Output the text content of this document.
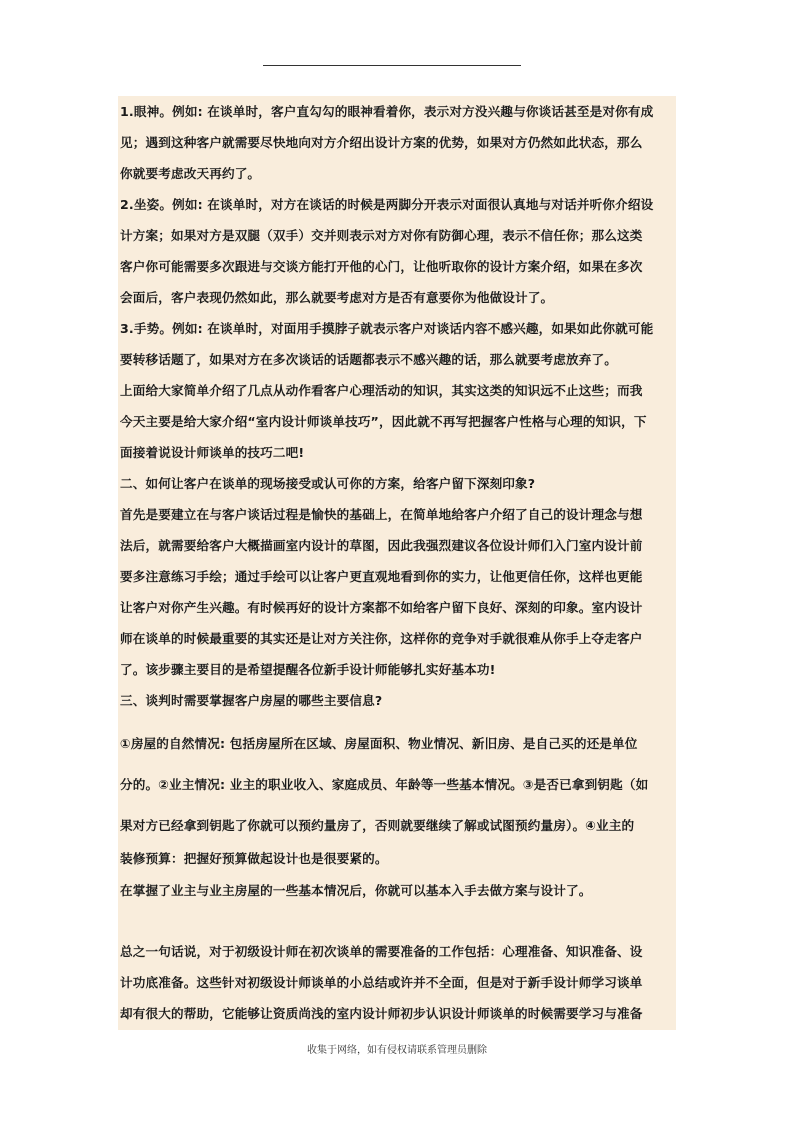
1.眼神。例如: 在谈单时，客户直勾勾的眼神看着你，表示对方没兴趣与你谈话甚至是对你有成
见；遇到这种客户就需要尽快地向对方介绍出设计方案的优势，如果对方仍然如此状态，那么
你就要考虑改天再约了。
2.坐姿。例如: 在谈单时，对方在谈话的时候是两脚分开表示对面很认真地与对话并听你介绍设
计方案；如果对方是双腿（双手）交并则表示对方对你有防御心理，表示不信任你；那么这类
客户你可能需要多次跟进与交谈方能打开他的心门，让他听取你的设计方案介绍，如果在多次
会面后，客户表现仍然如此，那么就要考虑对方是否有意要你为他做设计了。
3.手势。例如: 在谈单时，对面用手摸脖子就表示客户对谈话内容不感兴趣，如果如此你就可能
要转移话题了，如果对方在多次谈话的话题都表示不感兴趣的话，那么就要考虑放弃了。
上面给大家简单介绍了几点从动作看客户心理活动的知识，其实这类的知识远不止这些；而我
今天主要是给大家介绍“室内设计师谈单技巧”，因此就不再写把握客户性格与心理的知识，下
面接着说设计师谈单的技巧二吧!
二、如何让客户在谈单的现场接受或认可你的方案，给客户留下深刻印象?
首先是要建立在与客户谈话过程是愉快的基础上，在简单地给客户介绍了自己的设计理念与想
法后，就需要给客户大概描画室内设计的草图，因此我强烈建议各位设计师们入门室内设计前
要多注意练习手绘；通过手绘可以让客户更直观地看到你的实力，让他更信任你，这样也更能
让客户对你产生兴趣。有时候再好的设计方案都不如给客户留下良好、深刻的印象。室内设计
师在谈单的时候最重要的其实还是让对方关注你，这样你的竞争对手就很难从你手上夺走客户
了。该步骤主要目的是希望提醒各位新手设计师能够扎实好基本功!
三、谈判时需要掌握客户房屋的哪些主要信息?
①房屋的自然情况: 包括房屋所在区域、房屋面积、物业情况、新旧房、是自己买的还是单位
分的。②业主情况: 业主的职业收入、家庭成员、年龄等一些基本情况。③是否已拿到钥匙（如
果对方已经拿到钥匙了你就可以预约量房了，否则就要继续了解或试图预约量房）。④业主的
装修预算：把握好预算做起设计也是很要紧的。
在掌握了业主与业主房屋的一些基本情况后，你就可以基本入手去做方案与设计了。
总之一句话说，对于初级设计师在初次谈单的需要准备的工作包括：心理准备、知识准备、设
计功底准备。这些针对初级设计师谈单的小总结或许并不全面，但是对于新手设计师学习谈单
却有很大的帮助，它能够让资质尚浅的室内设计师初步认识设计师谈单的时候需要学习与准备
收集于网络，如有侵权请联系管理员删除
